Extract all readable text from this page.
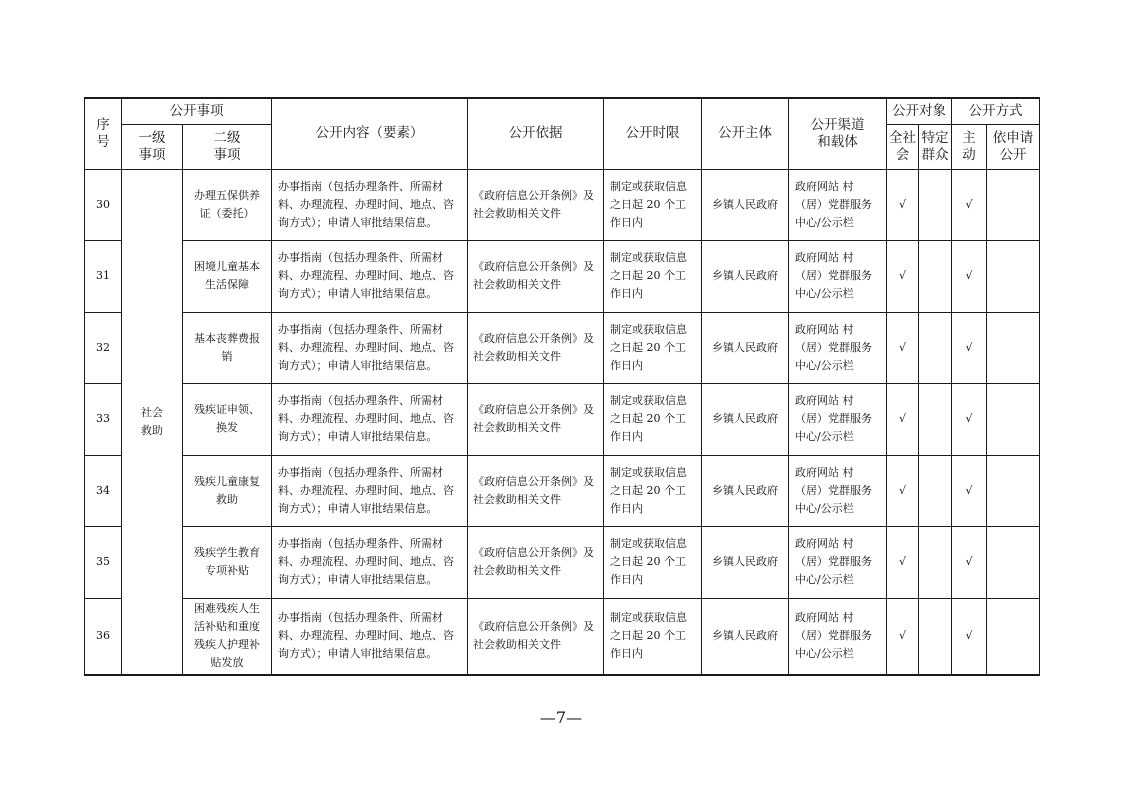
序号	公开事项		公开内容（要素）	公开依据	公开时限	公开主体	公开渠道和载体	公开对象		公开方式	
	一级事项	二级事项						全社会	特定群众	主动	依申请公开
30	社会救助	办理五保供养证（委托）	办事指南（包括办理条件、所需材料、办理流程、办理时间、地点、咨询方式）；申请人审批结果信息。	《政府信息公开条例》及社会救助相关文件	制定或获取信息之日起 20 个工作日内	乡镇人民政府	政府网站 村（居）党群服务中心/公示栏	√		√	
31		困境儿童基本生活保障	办事指南（包括办理条件、所需材料、办理流程、办理时间、地点、咨询方式）；申请人审批结果信息。	《政府信息公开条例》及社会救助相关文件	制定或获取信息之日起 20 个工作日内	乡镇人民政府	政府网站 村（居）党群服务中心/公示栏	√		√	
32		基本丧葬费报销	办事指南（包括办理条件、所需材料、办理流程、办理时间、地点、咨询方式）；申请人审批结果信息。	《政府信息公开条例》及社会救助相关文件	制定或获取信息之日起 20 个工作日内	乡镇人民政府	政府网站 村（居）党群服务中心/公示栏	√		√	
33		残疾证申领、换发	办事指南（包括办理条件、所需材料、办理流程、办理时间、地点、咨询方式）；申请人审批结果信息。	《政府信息公开条例》及社会救助相关文件	制定或获取信息之日起 20 个工作日内	乡镇人民政府	政府网站 村（居）党群服务中心/公示栏	√		√	
34		残疾儿童康复救助	办事指南（包括办理条件、所需材料、办理流程、办理时间、地点、咨询方式）；申请人审批结果信息。	《政府信息公开条例》及社会救助相关文件	制定或获取信息之日起 20 个工作日内	乡镇人民政府	政府网站 村（居）党群服务中心/公示栏	√		√	
35		残疾学生教育专项补贴	办事指南（包括办理条件、所需材料、办理流程、办理时间、地点、咨询方式）；申请人审批结果信息。	《政府信息公开条例》及社会救助相关文件	制定或获取信息之日起 20 个工作日内	乡镇人民政府	政府网站 村（居）党群服务中心/公示栏	√		√	
36		困难残疾人生活补贴和重度残疾人护理补贴发放	办事指南（包括办理条件、所需材料、办理流程、办理时间、地点、咨询方式）；申请人审批结果信息。	《政府信息公开条例》及社会救助相关文件	制定或获取信息之日起 20 个工作日内	乡镇人民政府	政府网站 村（居）党群服务中心/公示栏	√		√	
—7—
